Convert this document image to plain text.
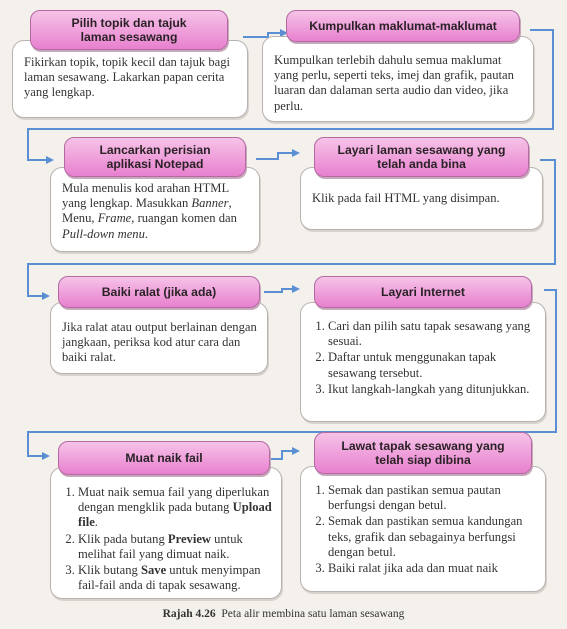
Pilih topik dan tajuk
laman sesawang

Fikirkan topik, topik kecil dan tajuk bagi laman sesawang. Lakarkan papan cerita yang lengkap.

Kumpulkan maklumat-maklumat

Kumpulkan terlebih dahulu semua maklumat yang perlu, seperti teks, imej dan grafik, pautan luaran dan dalaman serta audio dan video, jika perlu.

Lancarkan perisian
aplikasi Notepad

Mula menulis kod arahan HTML yang lengkap. Masukkan Banner, Menu, Frame, ruangan komen dan Pull-down menu.

Layari laman sesawang yang
telah anda bina

Klik pada fail HTML yang disimpan.

Baiki ralat (jika ada)

Jika ralat atau output berlainan dengan jangkaan, periksa kod atur cara dan baiki ralat.

Layari Internet
1. Cari dan pilih satu tapak sesawang yang sesuai.
2. Daftar untuk menggunakan tapak sesawang tersebut.
3. Ikut langkah-langkah yang ditunjukkan.
Muat naik fail
1. Muat naik semua fail yang diperlukan dengan mengklik pada butang Upload file.
2. Klik pada butang Preview untuk melihat fail yang dimuat naik.
3. Klik butang Save untuk menyimpan fail-fail anda di tapak sesawang.
Lawat tapak sesawang yang
telah siap dibina
1. Semak dan pastikan semua pautan berfungsi dengan betul.
2. Semak dan pastikan semua kandungan teks, grafik dan sebagainya berfungsi dengan betul.
3. Baiki ralat jika ada dan muat naik
Rajah 4.26 Peta alir membina satu laman sesawang
